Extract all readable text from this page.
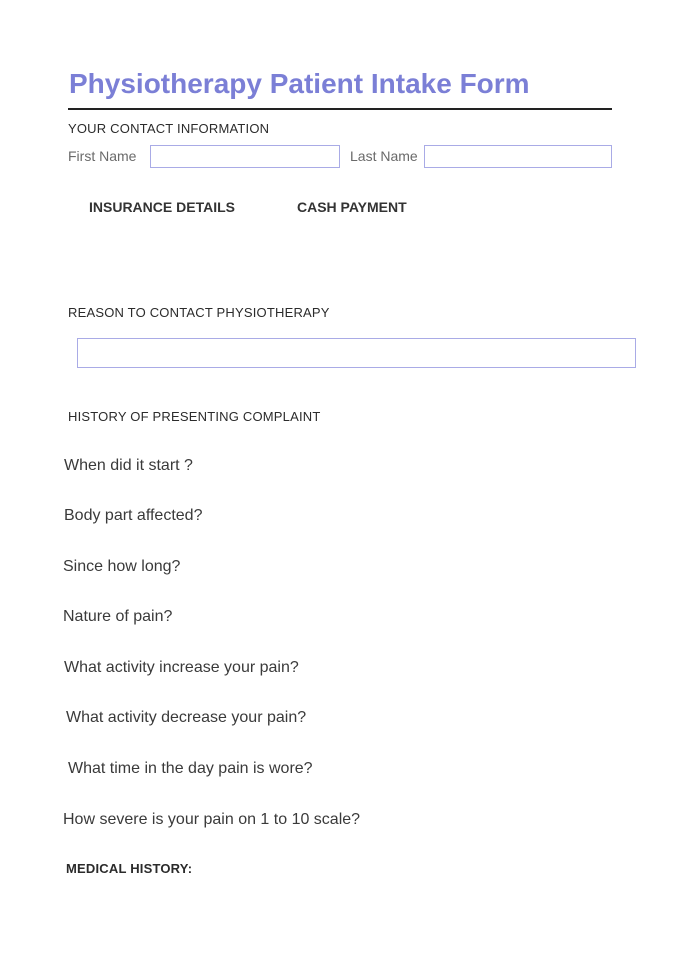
Physiotherapy Patient Intake Form
YOUR CONTACT INFORMATION
First Name	Last Name
INSURANCE DETAILS	CASH PAYMENT
REASON TO CONTACT PHYSIOTHERAPY
HISTORY OF PRESENTING COMPLAINT
When did it start ?
Body part affected?
Since how long?
Nature of pain?
What activity increase your pain?
What activity decrease your pain?
What time in the day pain is wore?
How severe is your pain on 1 to 10 scale?
MEDICAL HISTORY:
